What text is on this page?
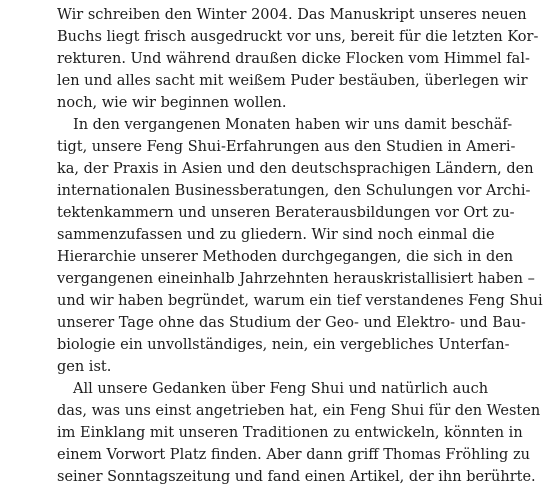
Wir schreiben den Winter 2004. Das Manuskript unseres neuen
Buchs liegt frisch ausgedruckt vor uns, bereit für die letzten Kor-
rekturen. Und während draußen dicke Flocken vom Himmel fal-
len und alles sacht mit weißem Puder bestäuben, überlegen wir
noch, wie wir beginnen wollen.
In den vergangenen Monaten haben wir uns damit beschäf-
tigt, unsere Feng Shui-Erfahrungen aus den Studien in Ameri-
ka, der Praxis in Asien und den deutschsprachigen Ländern, den
internationalen Businessberatungen, den Schulungen vor Archi-
tektenkammern und unseren Beraterausbildungen vor Ort zu-
sammenzufassen und zu gliedern. Wir sind noch einmal die
Hierarchie unserer Methoden durchgegangen, die sich in den
vergangenen eineinhalb Jahrzehnten herauskristallisiert haben –
und wir haben begründet, warum ein tief verstandenes Feng Shui
unserer Tage ohne das Studium der Geo- und Elektro- und Bau-
biologie ein unvollständiges, nein, ein vergebliches Unterfan-
gen ist.
All unsere Gedanken über Feng Shui und natürlich auch
das, was uns einst angetrieben hat, ein Feng Shui für den Westen
im Einklang mit unseren Traditionen zu entwickeln, könnten in
einem Vorwort Platz finden. Aber dann griff Thomas Fröhling zu
seiner Sonntagszeitung und fand einen Artikel, der ihn berührte.
